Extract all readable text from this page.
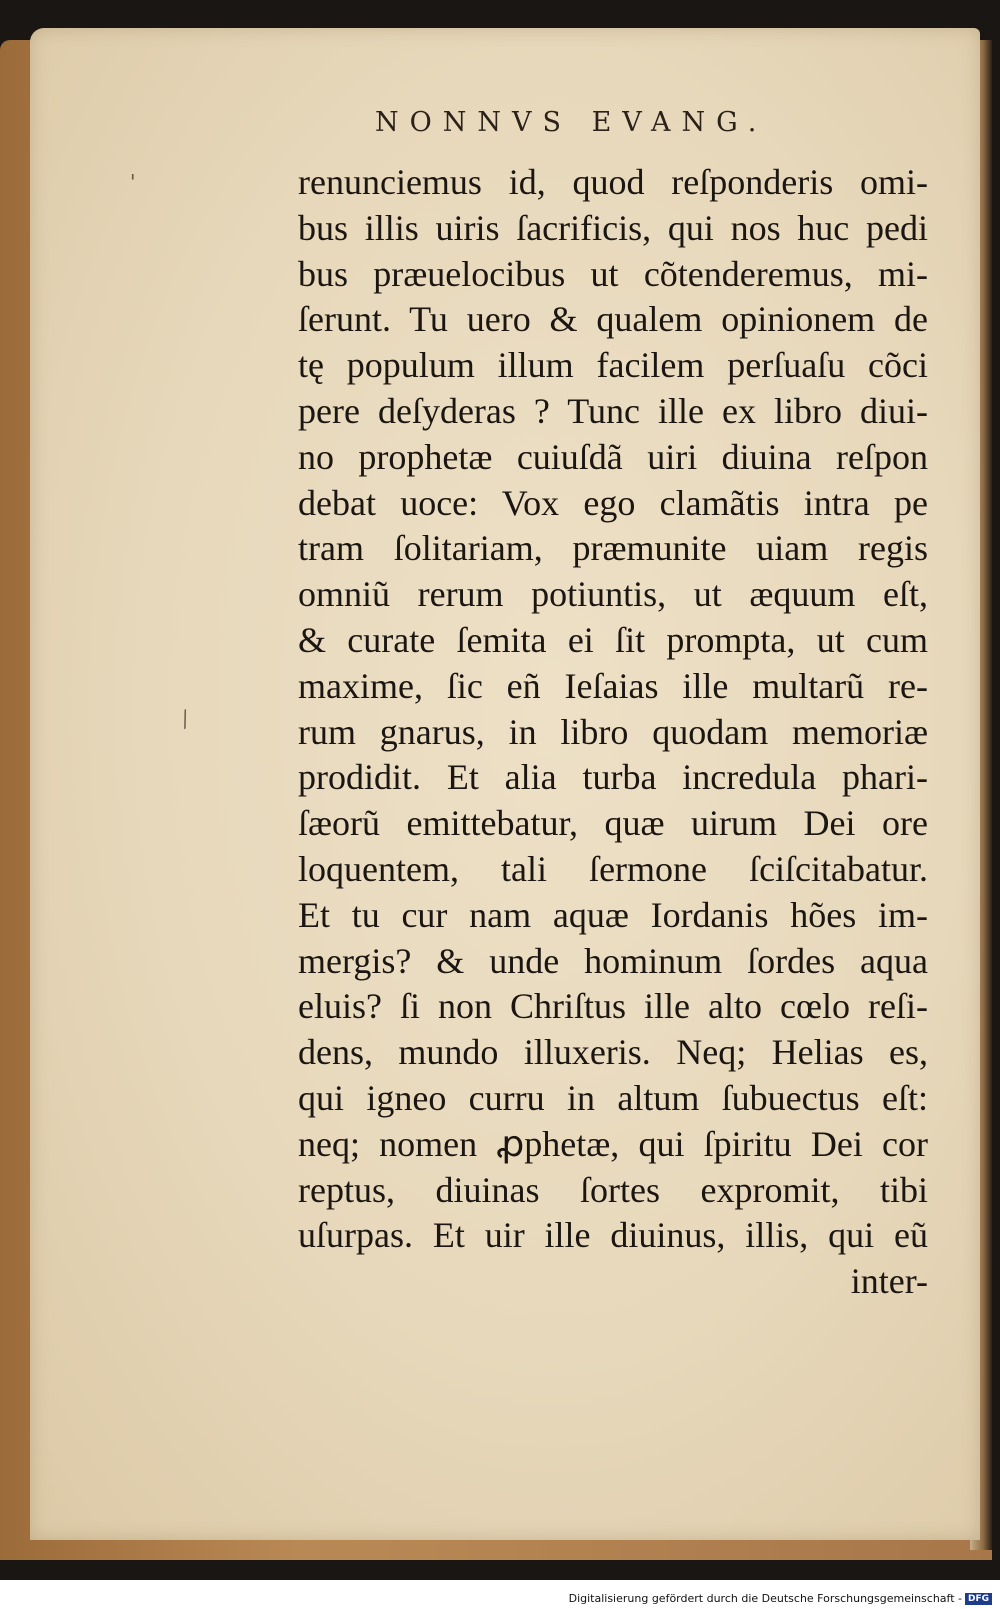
'
⁄
NONNVS EVANG.
renunciemus id, quod reſponderis omi-
bus illis uiris ſacrificis, qui nos huc pedi
bus præuelocibus ut cõtenderemus, mi-
ſerunt. Tu uero & qualem opinionem de
tę populum illum facilem perſuaſu cõci
pere deſyderas ? Tunc ille ex libro diui-
no prophetæ cuiuſdã uiri diuina reſpon
debat uoce: Vox ego clamãtis intra pe
tram ſolitariam, præmunite uiam regis
omniũ rerum potiuntis, ut æquum eſt,
& curate ſemita ei ſit prompta, ut cum
maxime, ſic eñ Ieſaias ille multarũ re-
rum gnarus, in libro quodam memoriæ
prodidit. Et alia turba incredula phari-
ſæorũ emittebatur, quæ uirum Dei ore
loquentem, tali ſermone ſciſcitabatur.
Et tu cur nam aquæ Iordanis hões im-
mergis? & unde hominum ſordes aqua
eluis? ſi non Chriſtus ille alto cœlo reſi-
dens, mundo illuxeris. Neq; Helias es,
qui igneo curru in altum ſubuectus eſt:
neq; nomen ꝓphetæ, qui ſpiritu Dei cor
reptus, diuinas ſortes expromit, tibi
uſurpas. Et uir ille diuinus, illis, qui eũ
inter-
Digitalisierung gefördert durch die Deutsche Forschungsgemeinschaft - DFG
